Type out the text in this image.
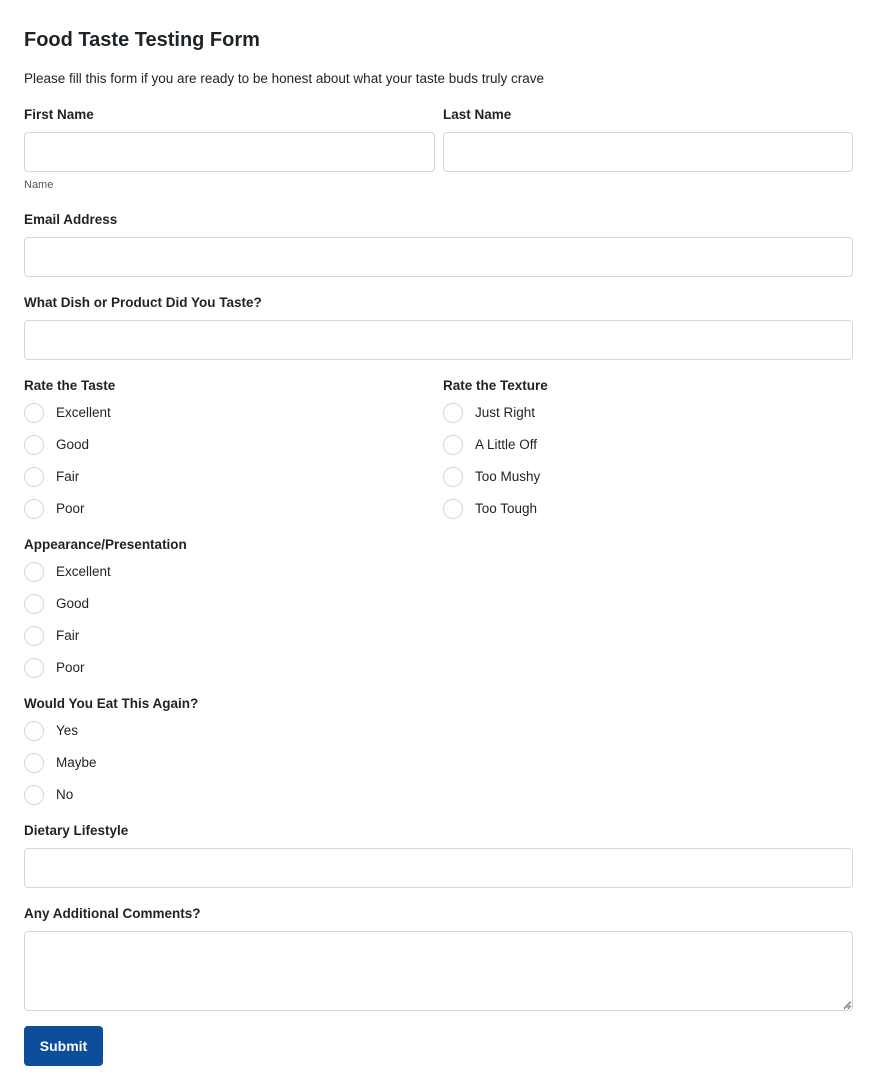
Food Taste Testing Form
Please fill this form if you are ready to be honest about what your taste buds truly crave
First Name
Name
Last Name
Email Address
What Dish or Product Did You Taste?
Rate the Taste
Excellent
Good
Fair
Poor
Rate the Texture
Just Right
A Little Off
Too Mushy
Too Tough
Appearance/Presentation
Excellent
Good
Fair
Poor
Would You Eat This Again?
Yes
Maybe
No
Dietary Lifestyle
Any Additional Comments?
Submit
